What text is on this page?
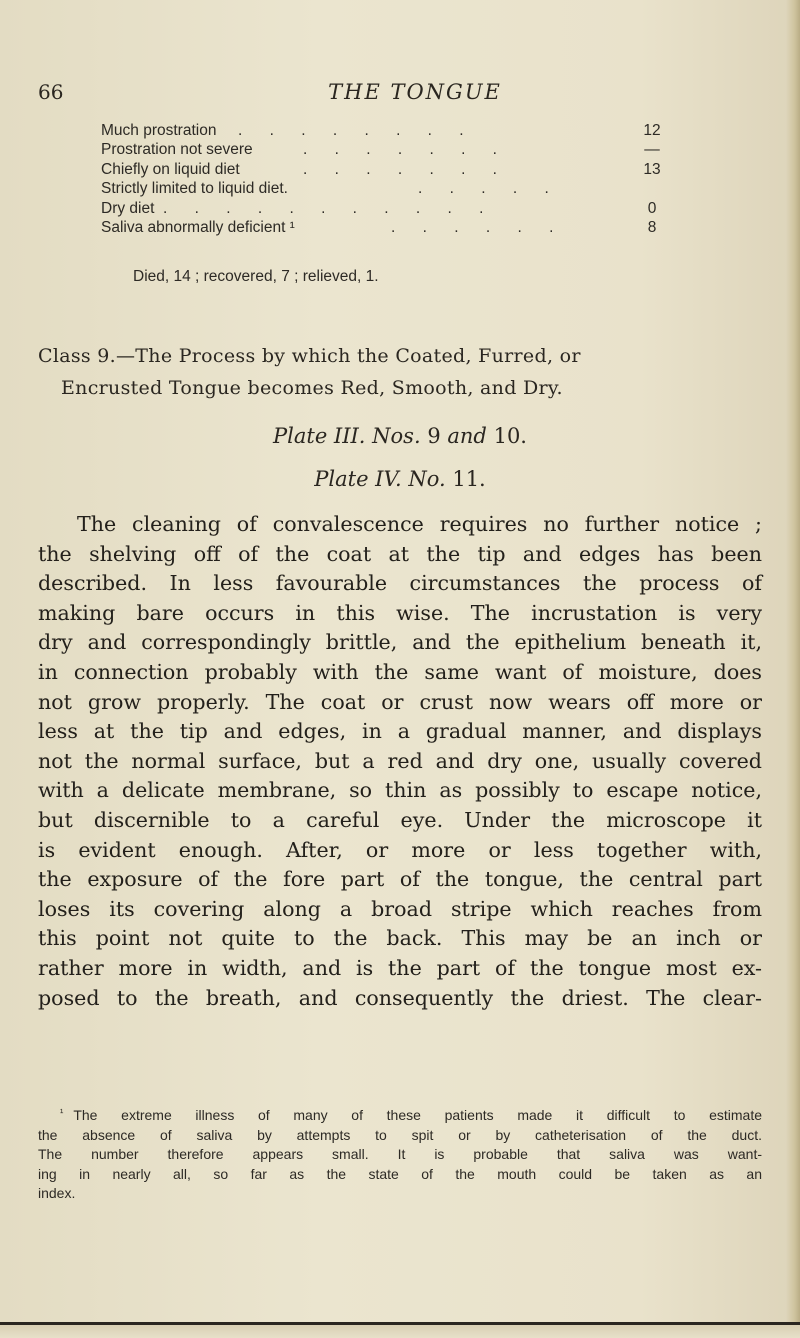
66	THE TONGUE
Much prostration . . . . . . . .	12
Prostration not severe	. . . . . . .	—
Chiefly on liquid diet	. . . . . . .	13
Strictly limited to liquid diet.	. . . . .
Dry diet . . . . . . . . . . .	0
Saliva abnormally deficient ¹	. . . . . .	8
Died, 14 ; recovered, 7 ; relieved, 1.
Class 9.—The Process by which the Coated, Furred, or
Encrusted Tongue becomes Red, Smooth, and Dry.
Plate III. Nos. 9 and 10.
Plate IV. No. 11.
The cleaning of convalescence requires no further notice ;
the shelving off of the coat at the tip and edges has been
described. In less favourable circumstances the process of
making bare occurs in this wise. The incrustation is very
dry and correspondingly brittle, and the epithelium beneath it,
in connection probably with the same want of moisture, does
not grow properly. The coat or crust now wears off more or
less at the tip and edges, in a gradual manner, and displays
not the normal surface, but a red and dry one, usually covered
with a delicate membrane, so thin as possibly to escape notice,
but discernible to a careful eye. Under the microscope it
is evident enough. After, or more or less together with,
the exposure of the fore part of the tongue, the central part
loses its covering along a broad stripe which reaches from
this point not quite to the back. This may be an inch or
rather more in width, and is the part of the tongue most ex-
posed to the breath, and consequently the driest. The clear-
$^{^1}$ The extreme illness of many of these patients made it difficult to estimate
the absence of saliva by attempts to spit or by catheterisation of the duct.
The number therefore appears small. It is probable that saliva was want-
ing in nearly all, so far as the state of the mouth could be taken as an
index.
